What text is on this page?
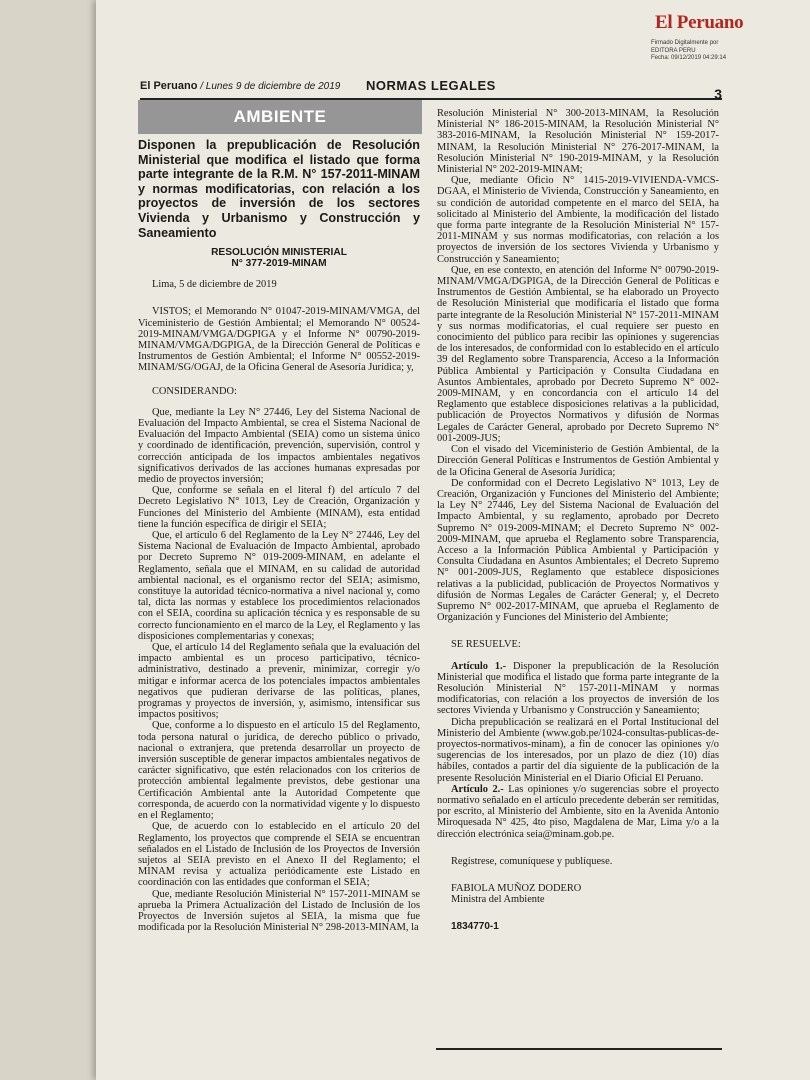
El Peruano
Firmado Digitalmente por
EDITORA PERU
Fecha: 09/12/2019 04:29:14
El Peruano / Lunes 9 de diciembre de 2019 NORMAS LEGALES
3
AMBIENTE
Disponen la prepublicación de Resolución Ministerial que modifica el listado que forma parte integrante de la R.M. N° 157-2011-MINAM y normas modificatorias, con relación a los proyectos de inversión de los sectores Vivienda y Urbanismo y Construcción y Saneamiento
RESOLUCIÓN MINISTERIAL
N° 377-2019-MINAM

Lima, 5 de diciembre de 2019

VISTOS; el Memorando N° 01047-2019-MINAM/VMGA, del Viceministerio de Gestión Ambiental; el Memorando N° 00524-2019-MINAM/VMGA/DGPIGA y el Informe N° 00790-2019- MINAM/VMGA/DGPIGA, de la Dirección General de Políticas e Instrumentos de Gestión Ambiental; el Informe N° 00552-2019-MINAM/SG/OGAJ, de la Oficina General de Asesoría Jurídica; y,

CONSIDERANDO:

Que, mediante la Ley N° 27446, Ley del Sistema Nacional de Evaluación del Impacto Ambiental, se crea el Sistema Nacional de Evaluación del Impacto Ambiental (SEIA) como un sistema único y coordinado de identificación, prevención, supervisión, control y corrección anticipada de los impactos ambientales negativos significativos derivados de las acciones humanas expresadas por medio de proyectos inversión;

Que, conforme se señala en el literal f) del artículo 7 del Decreto Legislativo N° 1013, Ley de Creación, Organización y Funciones del Ministerio del Ambiente (MINAM), esta entidad tiene la función específica de dirigir el SEIA;

Que, el artículo 6 del Reglamento de la Ley N° 27446, Ley del Sistema Nacional de Evaluación de Impacto Ambiental, aprobado por Decreto Supremo N° 019-2009-MINAM, en adelante el Reglamento, señala que el MINAM, en su calidad de autoridad ambiental nacional, es el organismo rector del SEIA; asimismo, constituye la autoridad técnico-normativa a nivel nacional y, como tal, dicta las normas y establece los procedimientos relacionados con el SEIA, coordina su aplicación técnica y es responsable de su correcto funcionamiento en el marco de la Ley, el Reglamento y las disposiciones complementarias y conexas;

Que, el artículo 14 del Reglamento señala que la evaluación del impacto ambiental es un proceso participativo, técnico-administrativo, destinado a prevenir, minimizar, corregir y/o mitigar e informar acerca de los potenciales impactos ambientales negativos que pudieran derivarse de las políticas, planes, programas y proyectos de inversión, y, asimismo, intensificar sus impactos positivos;

Que, conforme a lo dispuesto en el artículo 15 del Reglamento, toda persona natural o jurídica, de derecho público o privado, nacional o extranjera, que pretenda desarrollar un proyecto de inversión susceptible de generar impactos ambientales negativos de carácter significativo, que estén relacionados con los criterios de protección ambiental legalmente previstos, debe gestionar una Certificación Ambiental ante la Autoridad Competente que corresponda, de acuerdo con la normatividad vigente y lo dispuesto en el Reglamento;

Que, de acuerdo con lo establecido en el artículo 20 del Reglamento, los proyectos que comprende el SEIA se encuentran señalados en el Listado de Inclusión de los Proyectos de Inversión sujetos al SEIA previsto en el Anexo II del Reglamento; el MINAM revisa y actualiza periódicamente este Listado en coordinación con las entidades que conforman el SEIA;

Que, mediante Resolución Ministerial N° 157-2011-MINAM se aprueba la Primera Actualización del Listado de Inclusión de los Proyectos de Inversión sujetos al SEIA, la misma que fue modificada por la Resolución Ministerial N° 298-2013-MINAM, la

Resolución Ministerial N° 300-2013-MINAM, la Resolución Ministerial N° 186-2015-MINAM, la Resolución Ministerial N° 383-2016-MINAM, la Resolución Ministerial N° 159-2017-MINAM, la Resolución Ministerial N° 276-2017-MINAM, la Resolución Ministerial N° 190-2019-MINAM, y la Resolución Ministerial N° 202-2019-MINAM;

Que, mediante Oficio N° 1415-2019-VIVIENDA-VMCS-DGAA, el Ministerio de Vivienda, Construcción y Saneamiento, en su condición de autoridad competente en el marco del SEIA, ha solicitado al Ministerio del Ambiente, la modificación del listado que forma parte integrante de la Resolución Ministerial N° 157-2011-MINAM y sus normas modificatorias, con relación a los proyectos de inversión de los sectores Vivienda y Urbanismo y Construcción y Saneamiento;

Que, en ese contexto, en atención del Informe N° 00790-2019-MINAM/VMGA/DGPIGA, de la Dirección General de Políticas e Instrumentos de Gestión Ambiental, se ha elaborado un Proyecto de Resolución Ministerial que modificaría el listado que forma parte integrante de la Resolución Ministerial N° 157-2011-MINAM y sus normas modificatorias, el cual requiere ser puesto en conocimiento del público para recibir las opiniones y sugerencias de los interesados, de conformidad con lo establecido en el artículo 39 del Reglamento sobre Transparencia, Acceso a la Información Pública Ambiental y Participación y Consulta Ciudadana en Asuntos Ambientales, aprobado por Decreto Supremo N° 002-2009-MINAM, y en concordancia con el artículo 14 del Reglamento que establece disposiciones relativas a la publicidad, publicación de Proyectos Normativos y difusión de Normas Legales de Carácter General, aprobado por Decreto Supremo N° 001-2009-JUS;

Con el visado del Viceministerio de Gestión Ambiental, de la Dirección General Políticas e Instrumentos de Gestión Ambiental y de la Oficina General de Asesoría Jurídica;

De conformidad con el Decreto Legislativo N° 1013, Ley de Creación, Organización y Funciones del Ministerio del Ambiente; la Ley N° 27446, Ley del Sistema Nacional de Evaluación del Impacto Ambiental, y su reglamento, aprobado por Decreto Supremo N° 019-2009-MINAM; el Decreto Supremo N° 002-2009-MINAM, que aprueba el Reglamento sobre Transparencia, Acceso a la Información Pública Ambiental y Participación y Consulta Ciudadana en Asuntos Ambientales; el Decreto Supremo N° 001-2009-JUS, Reglamento que establece disposiciones relativas a la publicidad, publicación de Proyectos Normativos y difusión de Normas Legales de Carácter General; y, el Decreto Supremo N° 002-2017-MINAM, que aprueba el Reglamento de Organización y Funciones del Ministerio del Ambiente;

SE RESUELVE:

Artículo 1.- Disponer la prepublicación de la Resolución Ministerial que modifica el listado que forma parte integrante de la Resolución Ministerial N° 157-2011-MINAM y normas modificatorias, con relación a los proyectos de inversión de los sectores Vivienda y Urbanismo y Construcción y Saneamiento;

Dicha prepublicación se realizará en el Portal Institucional del Ministerio del Ambiente (www.gob.pe/1024-consultas-publicas-de-proyectos-normativos-minam), a fin de conocer las opiniones y/o sugerencias de los interesados, por un plazo de diez (10) días hábiles, contados a partir del día siguiente de la publicación de la presente Resolución Ministerial en el Diario Oficial El Peruano.

Artículo 2.- Las opiniones y/o sugerencias sobre el proyecto normativo señalado en el artículo precedente deberán ser remitidas, por escrito, al Ministerio del Ambiente, sito en la Avenida Antonio Miroquesada N° 425, 4to piso, Magdalena de Mar, Lima y/o a la dirección electrónica seia@minam.gob.pe.

Regístrese, comuníquese y publíquese.

FABIOLA MUÑOZ DODERO

Ministra del Ambiente

1834770-1
